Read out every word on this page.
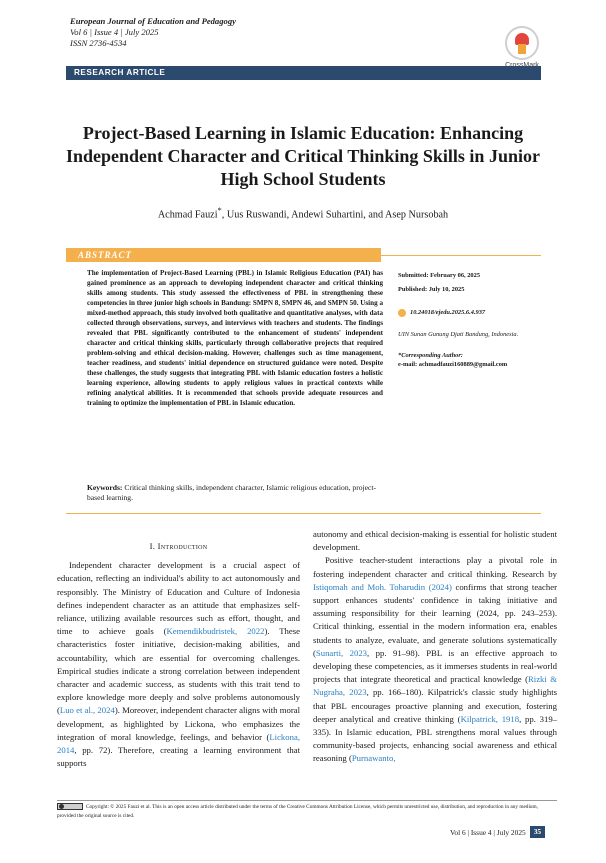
European Journal of Education and Pedagogy
Vol 6 | Issue 4 | July 2025
ISSN 2736-4534
RESEARCH ARTICLE
Project-Based Learning in Islamic Education: Enhancing Independent Character and Critical Thinking Skills in Junior High School Students
Achmad Fauzi*, Uus Ruswandi, Andewi Suhartini, and Asep Nursobah
ABSTRACT

The implementation of Project-Based Learning (PBL) in Islamic Religious Education (PAI) has gained prominence as an approach to developing independent character and critical thinking skills among students. This study assessed the effectiveness of PBL in strengthening these competencies in three junior high schools in Bandung: SMPN 8, SMPN 46, and SMPN 50. Using a mixed-method approach, this study involved both qualitative and quantitative analyses, with data collected through observations, surveys, and interviews with teachers and students. The findings revealed that PBL significantly contributed to the enhancement of students' independent character and critical thinking skills, particularly through collaborative projects that required problem-solving and ethical decision-making. However, challenges such as time management, teacher readiness, and students' initial dependence on structured guidance were noted. Despite these challenges, the study suggests that integrating PBL with Islamic education fosters a holistic learning experience, allowing students to apply religious values in practical contexts while refining analytical abilities. It is recommended that schools provide adequate resources and training to optimize the implementation of PBL in Islamic education.

Submitted: February 06, 2025
Published: July 10, 2025
10.24018/ejedu.2025.6.4.937
UIN Sunan Gunung Djati Bandung, Indonesia.
*Corresponding Author:
e-mail: achmadfauzi160889@gmail.com

Keywords: Critical thinking skills, independent character, Islamic religious education, project-based learning.

I. Introduction

Independent character development is a crucial aspect of education, reflecting an individual's ability to act autonomously and responsibly. The Ministry of Education and Culture of Indonesia defines independent character as an attitude that emphasizes self-reliance, utilizing available resources such as effort, thought, and time to achieve goals (Kemendikbudristek, 2022). These characteristics foster initiative, decision-making abilities, and accountability, which are essential for overcoming challenges. Empirical studies indicate a strong correlation between independent character and academic success, as students with this trait tend to explore knowledge more deeply and solve problems autonomously (Luo et al., 2024). Moreover, independent character aligns with moral development, as highlighted by Lickona, who emphasizes the integration of moral knowledge, feelings, and behavior (Lickona, 2014, pp. 72). Therefore, creating a learning environment that supports

autonomy and ethical decision-making is essential for holistic student development.

Positive teacher-student interactions play a pivotal role in fostering independent character and critical thinking. Research by Istiqomah and Moh. Toharudin (2024) confirms that strong teacher support enhances students' confidence in taking initiative and assuming responsibility for their learning (2024, pp. 243–253). Critical thinking, essential in the modern information era, enables students to analyze, evaluate, and generate solutions systematically (Sunarti, 2023, pp. 91–98). PBL is an effective approach to developing these competencies, as it immerses students in real-world projects that integrate theoretical and practical knowledge (Rizki & Nugraha, 2023, pp. 166–180). Kilpatrick's classic study highlights that PBL encourages proactive planning and execution, fostering deeper analytical and creative thinking (Kilpatrick, 1918, pp. 319–335). In Islamic education, PBL strengthens moral values through community-based projects, enhancing social awareness and ethical reasoning (Purnawanto,

Copyright: © 2025 Fauzi et al. This is an open access article distributed under the terms of the Creative Commons Attribution License, which permits unrestricted use, distribution, and reproduction in any medium, provided the original source is cited.

Vol 6 | Issue 4 | July 2025	35
